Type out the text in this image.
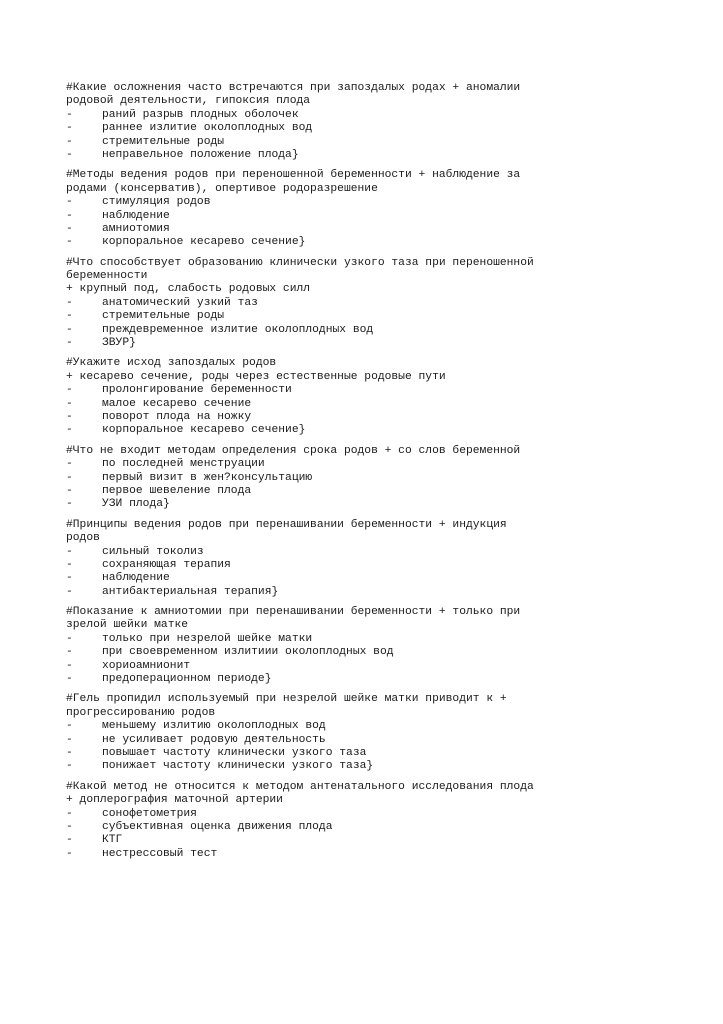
#Какие осложнения часто встречаются при запоздалых родах + аномалии
родовой деятельности, гипоксия плода
-	раний разрыв плодных оболочек
-	раннее излитие околоплодных вод
-	стремительные роды
-	неправельное положение плода}
#Методы ведения родов при переношенной беременности + наблюдение за
родами (консерватив), опертивое родоразрешение
-	стимуляция родов
-	наблюдение
-	амниотомия
-	корпоральное кесарево сечение}
#Что способствует образованию клинически узкого таза при переношенной
беременности
+ крупный под, слабость родовых силл
-	анатомический узкий таз
-	стремительные роды
-	преждевременное излитие околоплодных вод
-	ЗВУР}
#Укажите исход запоздалых родов
+ кесарево сечение, роды через естественные родовые пути
-	пролонгирование беременности
-	малое кесарево сечение
-	поворот плода на ножку
-	корпоральное кесарево сечение}
#Что не входит методам определения срока родов + со слов беременной
-	по последней менструации
-	первый визит в жен?консультацию
-	первое шевеление плода
-	УЗИ плода}
#Принципы ведения родов при перенашивании беременности + индукция
родов
-	сильный токолиз
-	сохраняющая терапия
-	наблюдение
-	антибактериальная терапия}
#Показание к амниотомии при перенашивании беременности + только при
зрелой шейки матке
-	только при незрелой шейке матки
-	при своевременном излитиии околоплодных вод
-	хориоамнионит
-	предоперационном периоде}
#Гель пропидил используемый при незрелой шейке матки приводит к +
прогрессированию родов
-	меньшему излитию околоплодных вод
-	не усиливает родовую деятельность
-	повышает частоту клинически узкого таза
-	понижает частоту клинически узкого таза}
#Какой метод не относится к методом антенатального исследования плода
+ доплерография маточной артерии
-	сонофетометрия
-	субъективная оценка движения плода
-	КТГ
-	нестрессовый тест
